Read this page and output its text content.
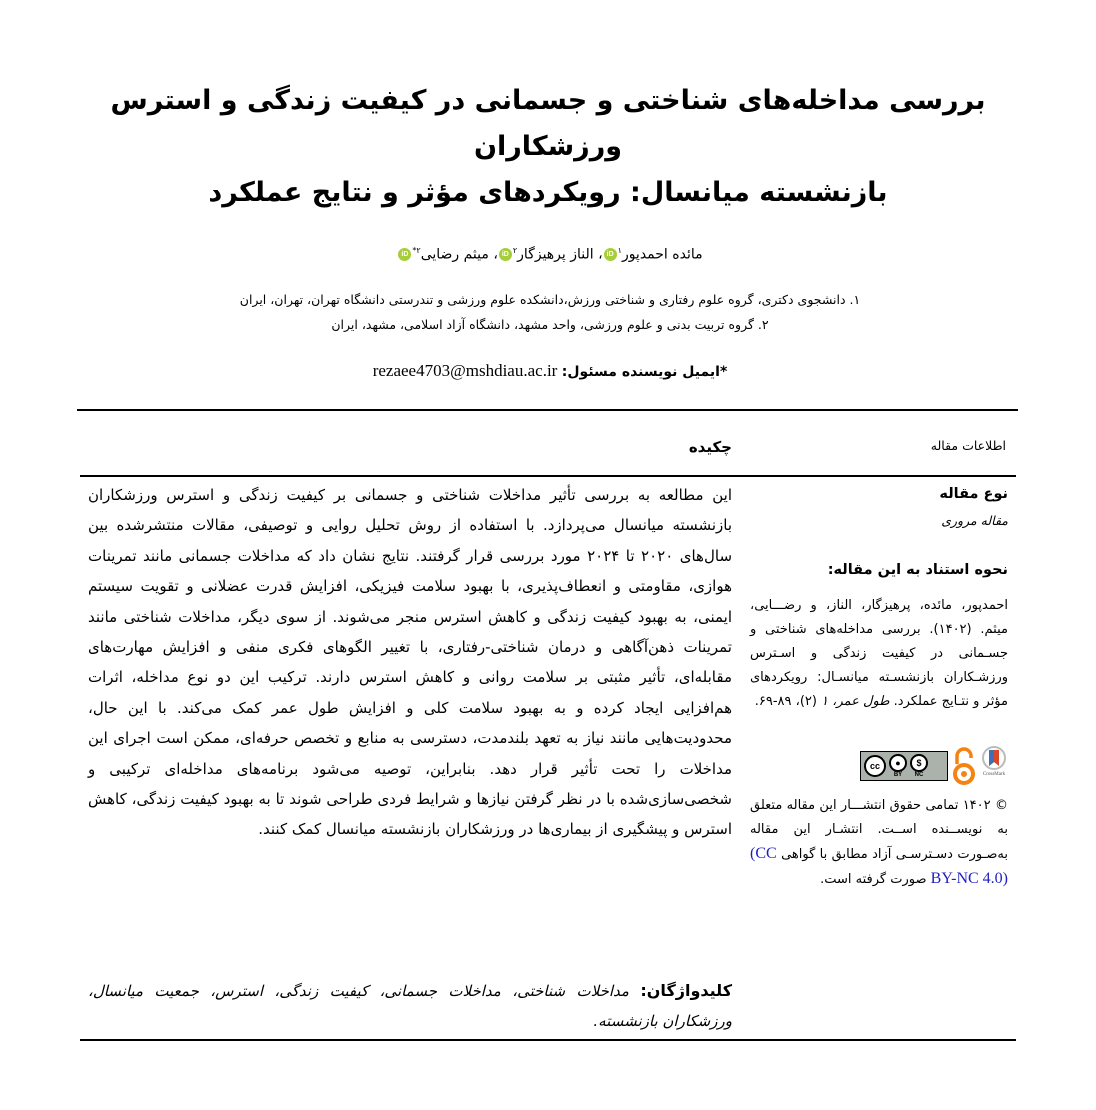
بررسی مداخله‌های شناختی و جسمانی در کیفیت زندگی و استرس ورزشکاران
بازنشسته میانسال: رویکردهای مؤثر و نتایج عملکرد
مائده احمدپور$^۱$iD، الناز پرهیزگار$^۲$iD، میثم رضایی$^{۲*}$iD
۱. دانشجوی دکتری، گروه علوم رفتاری و شناختی ورزش،دانشکده علوم ورزشی و تندرستی دانشگاه تهران، تهران، ایران
۲. گروه تربیت بدنی و علوم ورزشی، واحد مشهد، دانشگاه آزاد اسلامی، مشهد، ایران
*ایمیل نویسنده مسئول: rezaee4703@mshdiau.ac.ir
اطلاعات مقاله
چکیده
نوع مقاله
مقاله مروری
نحوه استناد به این مقاله:
احمدپور، مائده، پرهیزگار، الناز، و رضـــایی، میثم. (۱۴۰۲). بررسی مداخله‌های شناختی و جسـمانی در کیفیت زندگی و اسـترس ورزشـکاران بازنشسـته میانسـال: رویکردهای مؤثر و نتـایج عملکرد. طول عمر، ۱ (۲)، ۸۹-۶۹.
cc	●
BY
$
NC	CrossMark
© ۱۴۰۲ تمامی حقوق انتشـــار این مقاله متعلق به نویســنده اســت. انتشـار این مقاله به‌صـورت دسـترسـی آزاد مطابق با گواهی (CC BY-NC 4.0) صورت گرفته است.

این مطالعه به بررسی تأثیر مداخلات شناختی و جسمانی بر کیفیت زندگی و استرس ورزشکاران بازنشسته میانسال می‌پردازد. با استفاده از روش تحلیل روایی و توصیفی، مقالات منتشرشده بین سال‌های ۲۰۲۰ تا ۲۰۲۴ مورد بررسی قرار گرفتند. نتایج نشان داد که مداخلات جسمانی مانند تمرینات هوازی، مقاومتی و انعطاف‌پذیری، با بهبود سلامت فیزیکی، افزایش قدرت عضلانی و تقویت سیستم ایمنی، به بهبود کیفیت زندگی و کاهش استرس منجر می‌شوند. از سوی دیگر، مداخلات شناختی مانند تمرینات ذهن‌آگاهی و درمان شناختی-رفتاری، با تغییر الگوهای فکری منفی و افزایش مهارت‌های مقابله‌ای، تأثیر مثبتی بر سلامت روانی و کاهش استرس دارند. ترکیب این دو نوع مداخله، اثرات هم‌افزایی ایجاد کرده و به بهبود سلامت کلی و افزایش طول عمر کمک می‌کند. با این حال، محدودیت‌هایی مانند نیاز به تعهد بلندمدت، دسترسی به منابع و تخصص حرفه‌ای، ممکن است اجرای این مداخلات را تحت تأثیر قرار دهد. بنابراین، توصیه می‌شود برنامه‌های مداخله‌ای ترکیبی و شخصی‌سازی‌شده با در نظر گرفتن نیازها و شرایط فردی طراحی شوند تا به بهبود کیفیت زندگی، کاهش استرس و پیشگیری از بیماری‌ها در ورزشکاران بازنشسته میانسال کمک کنند.

کلیدواژگان: مداخلات شناختی، مداخلات جسمانی، کیفیت زندگی، استرس، جمعیت میانسال، ورزشکاران بازنشسته.
